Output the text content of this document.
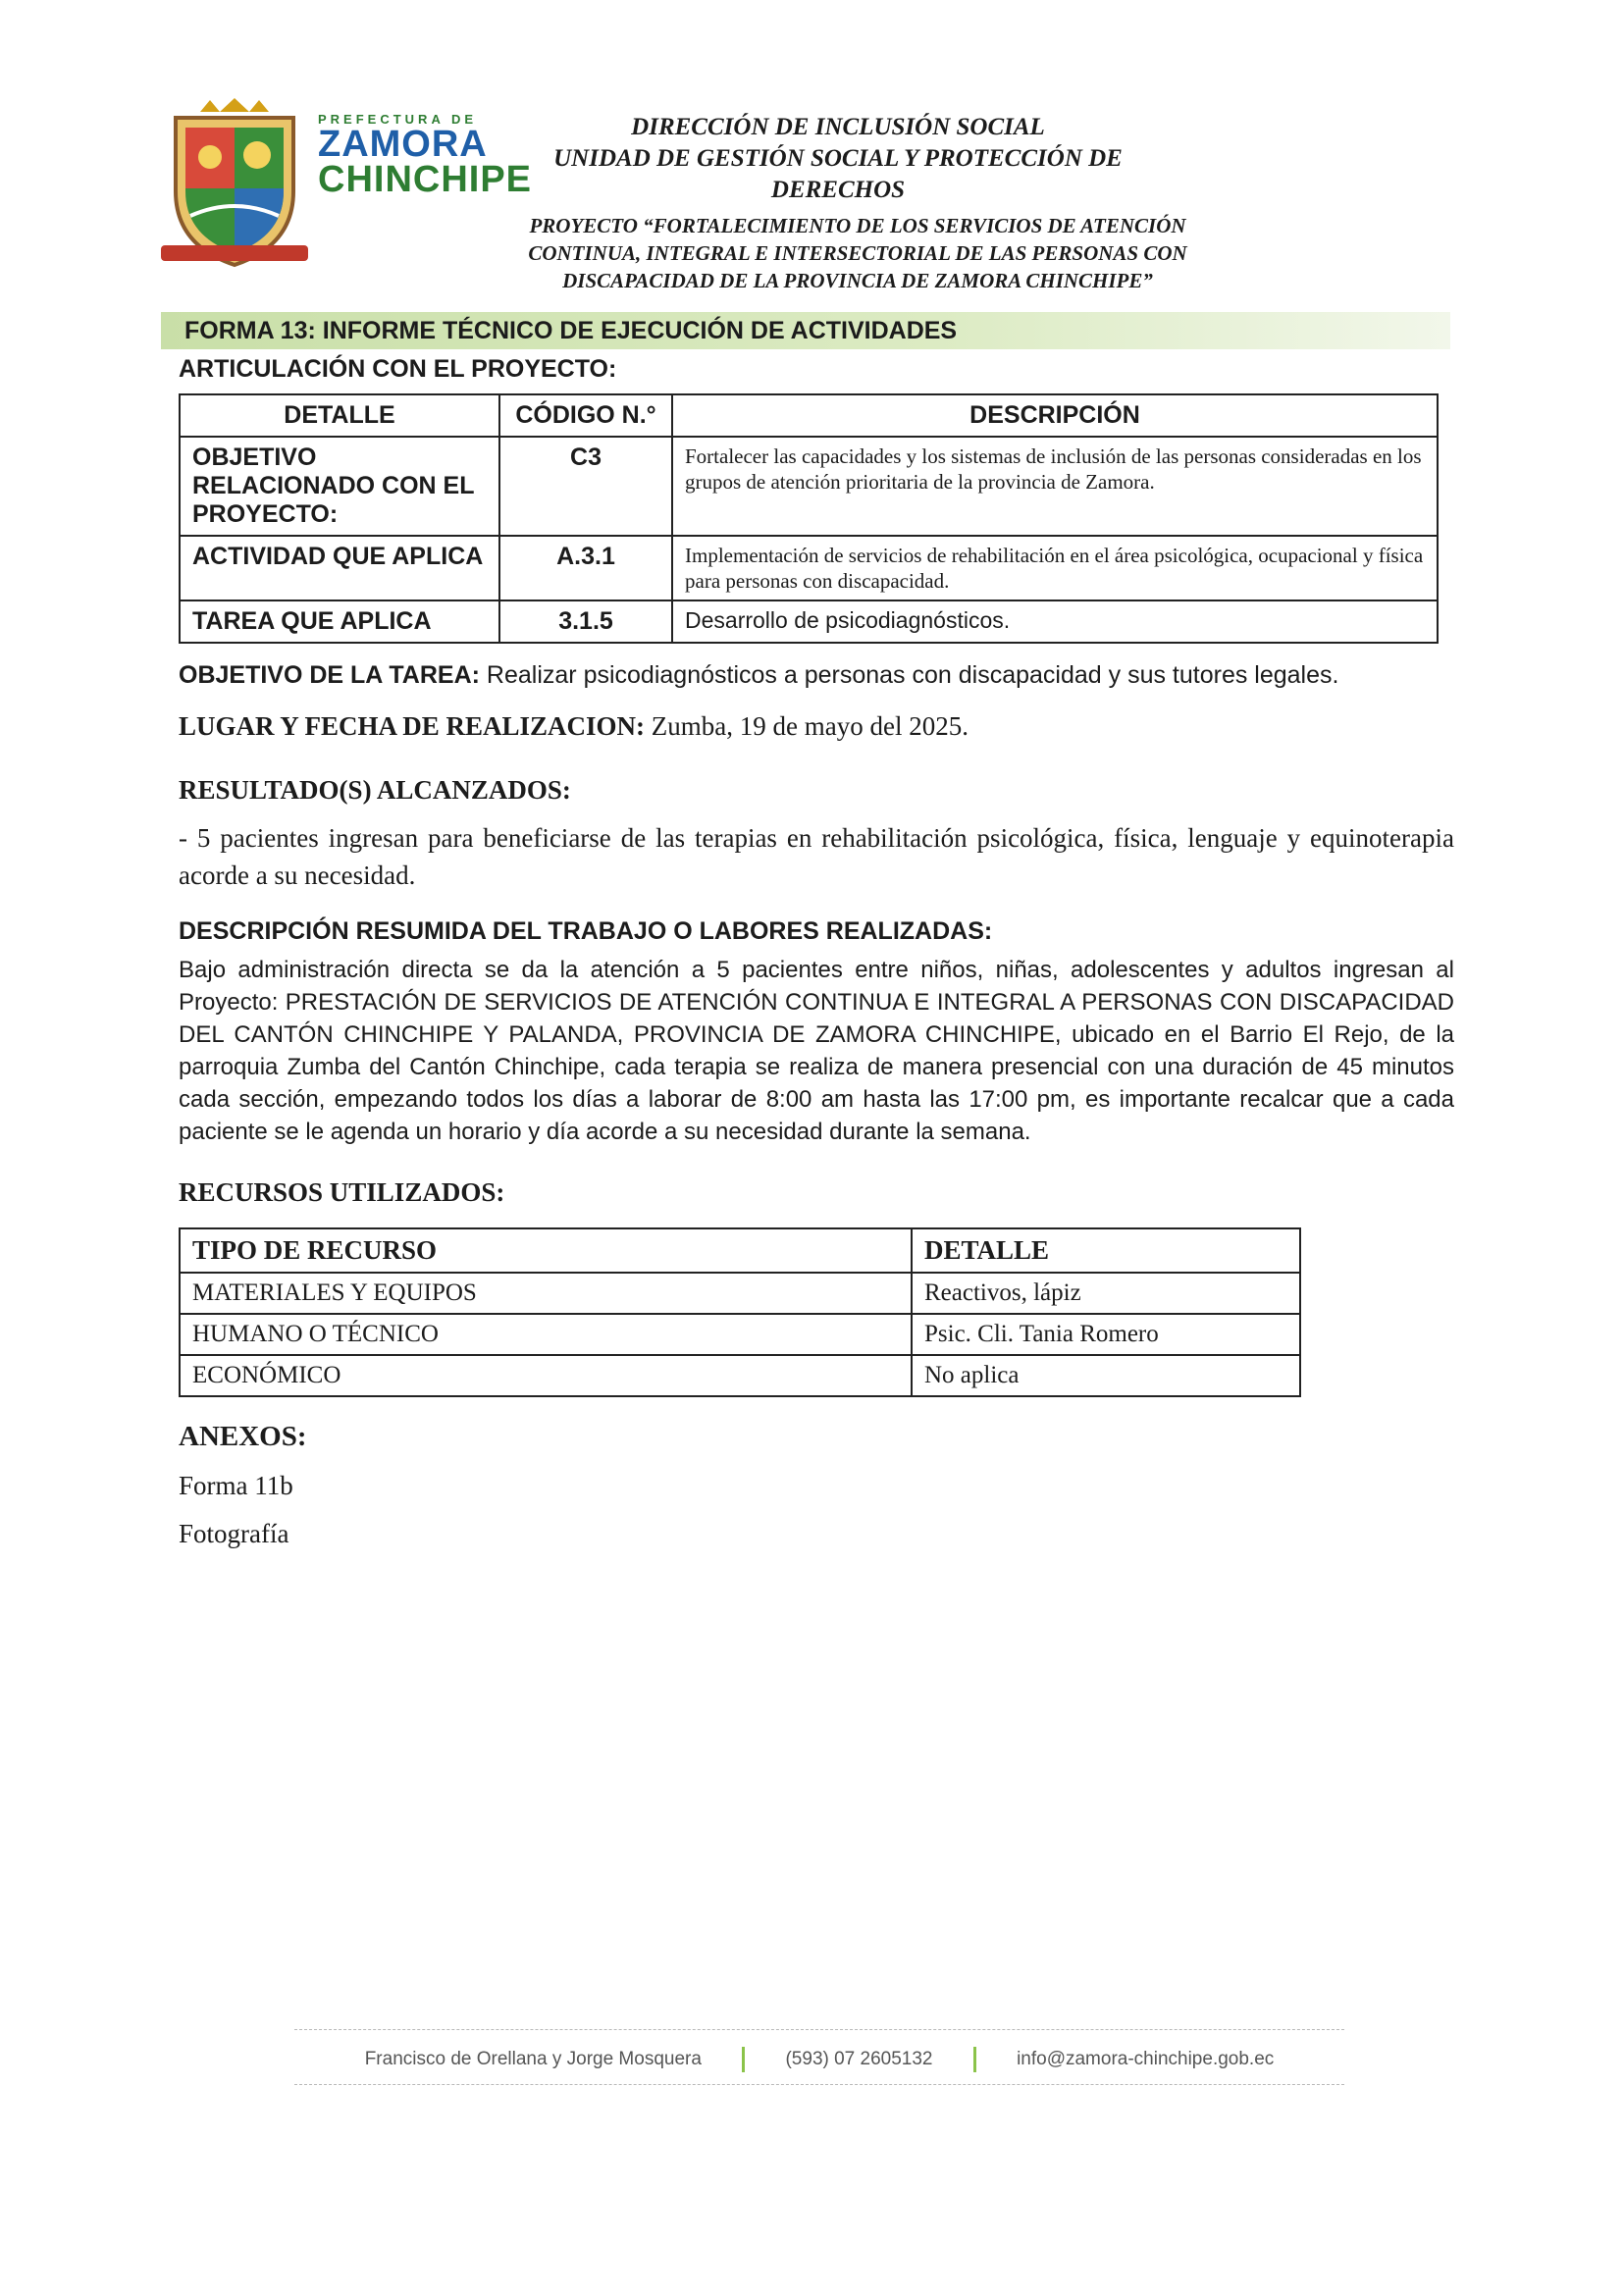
PREFECTURA DE
ZAMORA
CHINCHIPE
DIRECCIÓN DE INCLUSIÓN SOCIAL
UNIDAD DE GESTIÓN SOCIAL Y PROTECCIÓN DE DERECHOS
PROYECTO “FORTALECIMIENTO DE LOS SERVICIOS DE ATENCIÓN CONTINUA, INTEGRAL E INTERSECTORIAL DE LAS PERSONAS CON DISCAPACIDAD DE LA PROVINCIA DE ZAMORA CHINCHIPE”
FORMA 13: INFORME TÉCNICO DE EJECUCIÓN DE ACTIVIDADES
ARTICULACIÓN CON EL PROYECTO:
DETALLE	CÓDIGO N.°	DESCRIPCIÓN
OBJETIVO RELACIONADO CON EL PROYECTO:	C3	Fortalecer las capacidades y los sistemas de inclusión de las personas consideradas en los grupos de atención prioritaria de la provincia de Zamora.
ACTIVIDAD QUE APLICA	A.3.1	Implementación de servicios de rehabilitación en el área psicológica, ocupacional y física para personas con discapacidad.
TAREA QUE APLICA	3.1.5	Desarrollo de psicodiagnósticos.
OBJETIVO DE LA TAREA: Realizar psicodiagnósticos a personas con discapacidad y sus tutores legales.
LUGAR Y FECHA DE REALIZACION: Zumba, 19 de mayo del 2025.
RESULTADO(S) ALCANZADOS:
- 5 pacientes ingresan para beneficiarse de las terapias en rehabilitación psicológica, física, lenguaje y equinoterapia acorde a su necesidad.
DESCRIPCIÓN RESUMIDA DEL TRABAJO O LABORES REALIZADAS:
Bajo administración directa se da la atención a 5 pacientes entre niños, niñas, adolescentes y adultos ingresan al Proyecto: PRESTACIÓN DE SERVICIOS DE ATENCIÓN CONTINUA E INTEGRAL A PERSONAS CON DISCAPACIDAD DEL CANTÓN CHINCHIPE Y PALANDA, PROVINCIA DE ZAMORA CHINCHIPE, ubicado en el Barrio El Rejo, de la parroquia Zumba del Cantón Chinchipe, cada terapia se realiza de manera presencial con una duración de 45 minutos cada sección, empezando todos los días a laborar de 8:00 am hasta las 17:00 pm, es importante recalcar que a cada paciente se le agenda un horario y día acorde a su necesidad durante la semana.
RECURSOS UTILIZADOS:
TIPO DE RECURSO	DETALLE
MATERIALES Y EQUIPOS	Reactivos, lápiz
HUMANO O TÉCNICO	Psic. Cli. Tania Romero
ECONÓMICO	No aplica
ANEXOS:
Forma 11b
Fotografía
Francisco de Orellana y Jorge Mosquera	(593) 07 2605132	info@zamora-chinchipe.gob.ec
